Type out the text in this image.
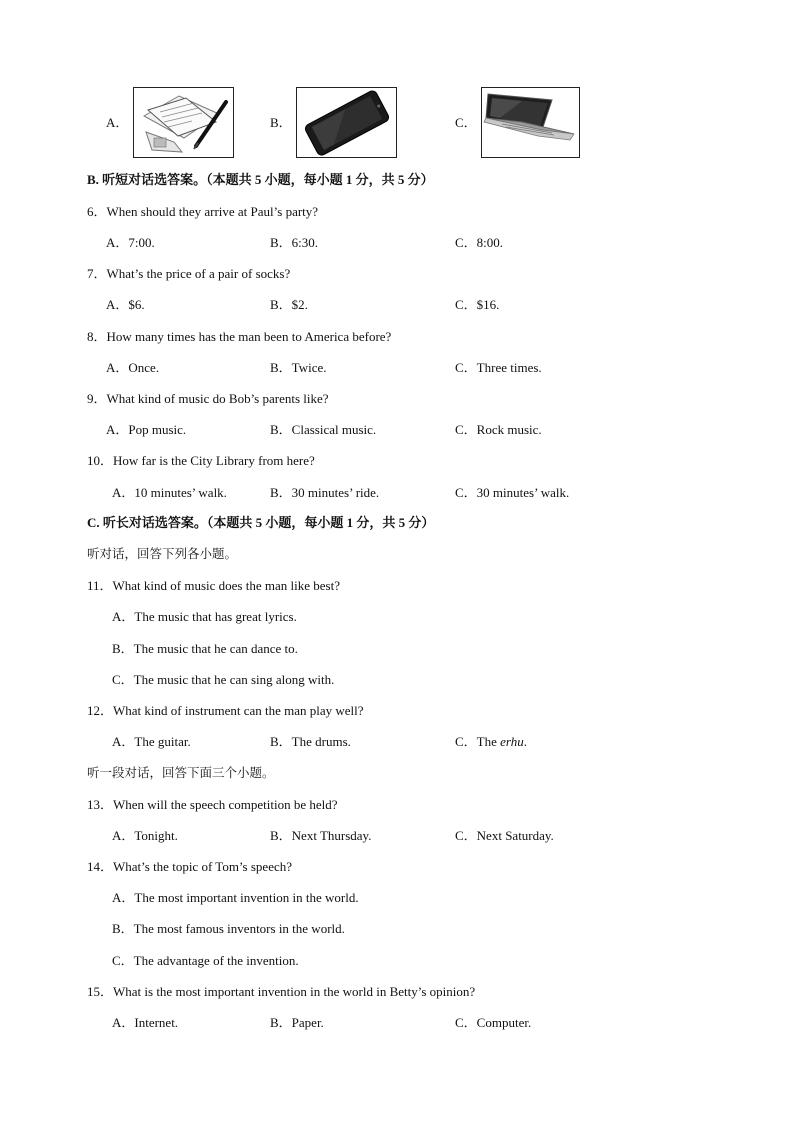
A．	B．	C．
B. 听短对话选答案。（本题共 5 小题，每小题 1 分，共 5 分）
6．When should they arrive at Paul’s party?
A．7:00.	B．6:30.	C．8:00.
7．What’s the price of a pair of socks?
A．$6.	B．$2.	C．$16.
8．How many times has the man been to America before?
A．Once.	B．Twice.	C．Three times.
9．What kind of music do Bob’s parents like?
A．Pop music.	B．Classical music.	C．Rock music.
10．How far is the City Library from here?
A．10 minutes’ walk.	B．30 minutes’ ride.	C．30 minutes’ walk.
C. 听长对话选答案。（本题共 5 小题，每小题 1 分，共 5 分）
听对话，回答下列各小题。
11．What kind of music does the man like best?
A．The music that has great lyrics.
B．The music that he can dance to.
C．The music that he can sing along with.
12．What kind of instrument can the man play well?
A．The guitar.	B．The drums.	C．The erhu.
听一段对话，回答下面三个小题。
13．When will the speech competition be held?
A．Tonight.	B．Next Thursday.	C．Next Saturday.
14．What’s the topic of Tom’s speech?
A．The most important invention in the world.
B．The most famous inventors in the world.
C．The advantage of the invention.
15．What is the most important invention in the world in Betty’s opinion?
A．Internet.	B．Paper.	C．Computer.
